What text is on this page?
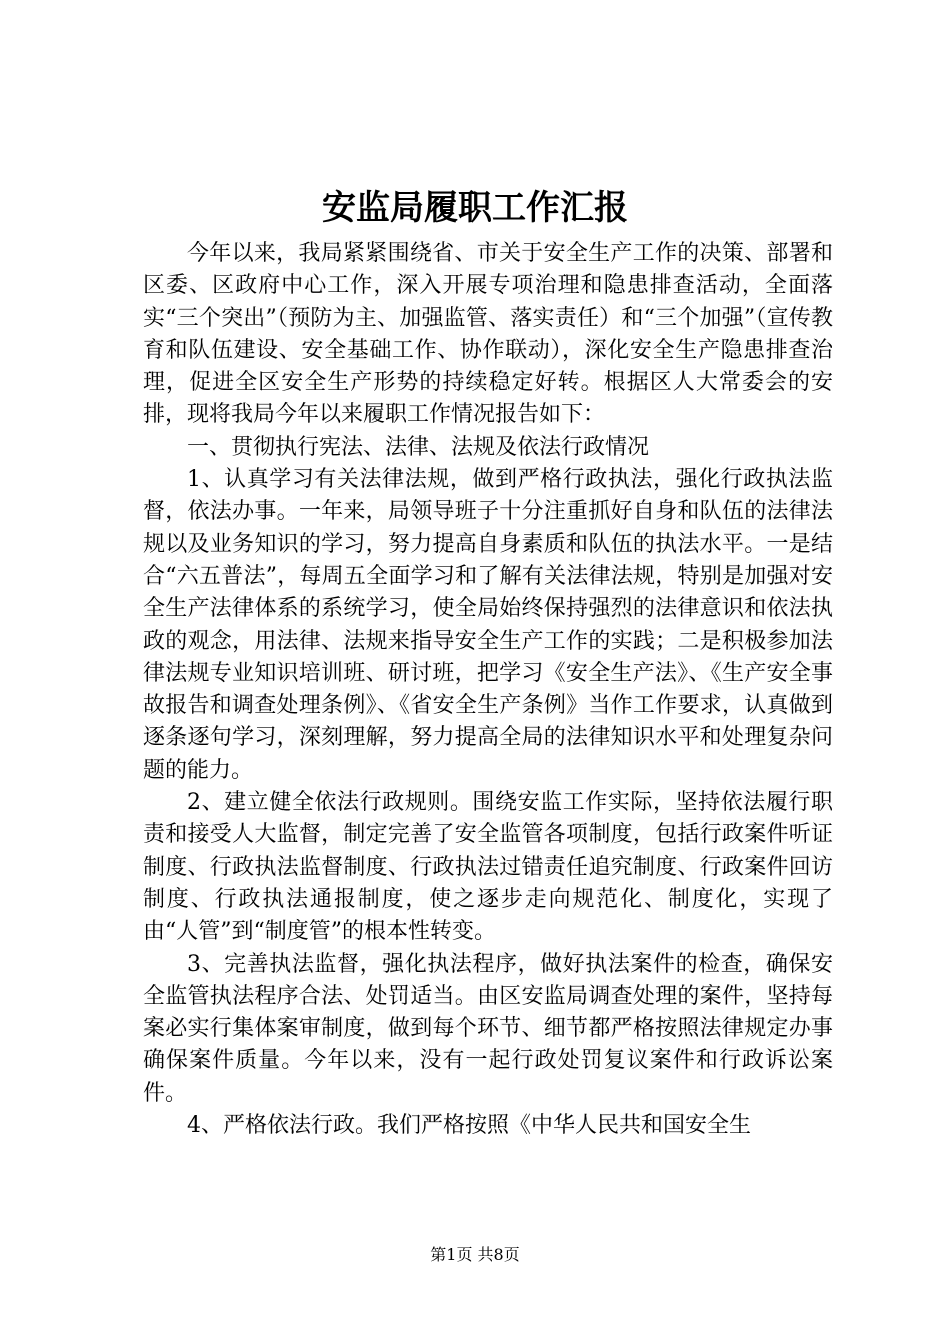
安监局履职工作汇报

今年以来，我局紧紧围绕省、市关于安全生产工作的决策、部署和区委、区政府中心工作，深入开展专项治理和隐患排查活动，全面落实“三个突出”（预防为主、加强监管、落实责任）和“三个加强”（宣传教育和队伍建设、安全基础工作、协作联动），深化安全生产隐患排查治理，促进全区安全生产形势的持续稳定好转。根据区人大常委会的安排，现将我局今年以来履职工作情况报告如下：

一、贯彻执行宪法、法律、法规及依法行政情况

1、认真学习有关法律法规，做到严格行政执法，强化行政执法监督，依法办事。一年来，局领导班子十分注重抓好自身和队伍的法律法规以及业务知识的学习，努力提高自身素质和队伍的执法水平。一是结合“六五普法”，每周五全面学习和了解有关法律法规，特别是加强对安全生产法律体系的系统学习，使全局始终保持强烈的法律意识和依法执政的观念，用法律、法规来指导安全生产工作的实践；二是积极参加法律法规专业知识培训班、研讨班，把学习《安全生产法》、《生产安全事故报告和调查处理条例》、《省安全生产条例》当作工作要求，认真做到逐条逐句学习，深刻理解，努力提高全局的法律知识水平和处理复杂问题的能力。

2、建立健全依法行政规则。围绕安监工作实际，坚持依法履行职责和接受人大监督，制定完善了安全监管各项制度，包括行政案件听证制度、行政执法监督制度、行政执法过错责任追究制度、行政案件回访制度、行政执法通报制度，使之逐步走向规范化、制度化，实现了由“人管”到“制度管”的根本性转变。

3、完善执法监督，强化执法程序，做好执法案件的检查，确保安全监管执法程序合法、处罚适当。由区安监局调查处理的案件，坚持每案必实行集体案审制度，做到每个环节、细节都严格按照法律规定办事确保案件质量。今年以来，没有一起行政处罚复议案件和行政诉讼案件。

4、严格依法行政。我们严格按照《中华人民共和国安全生

第1页 共8页
